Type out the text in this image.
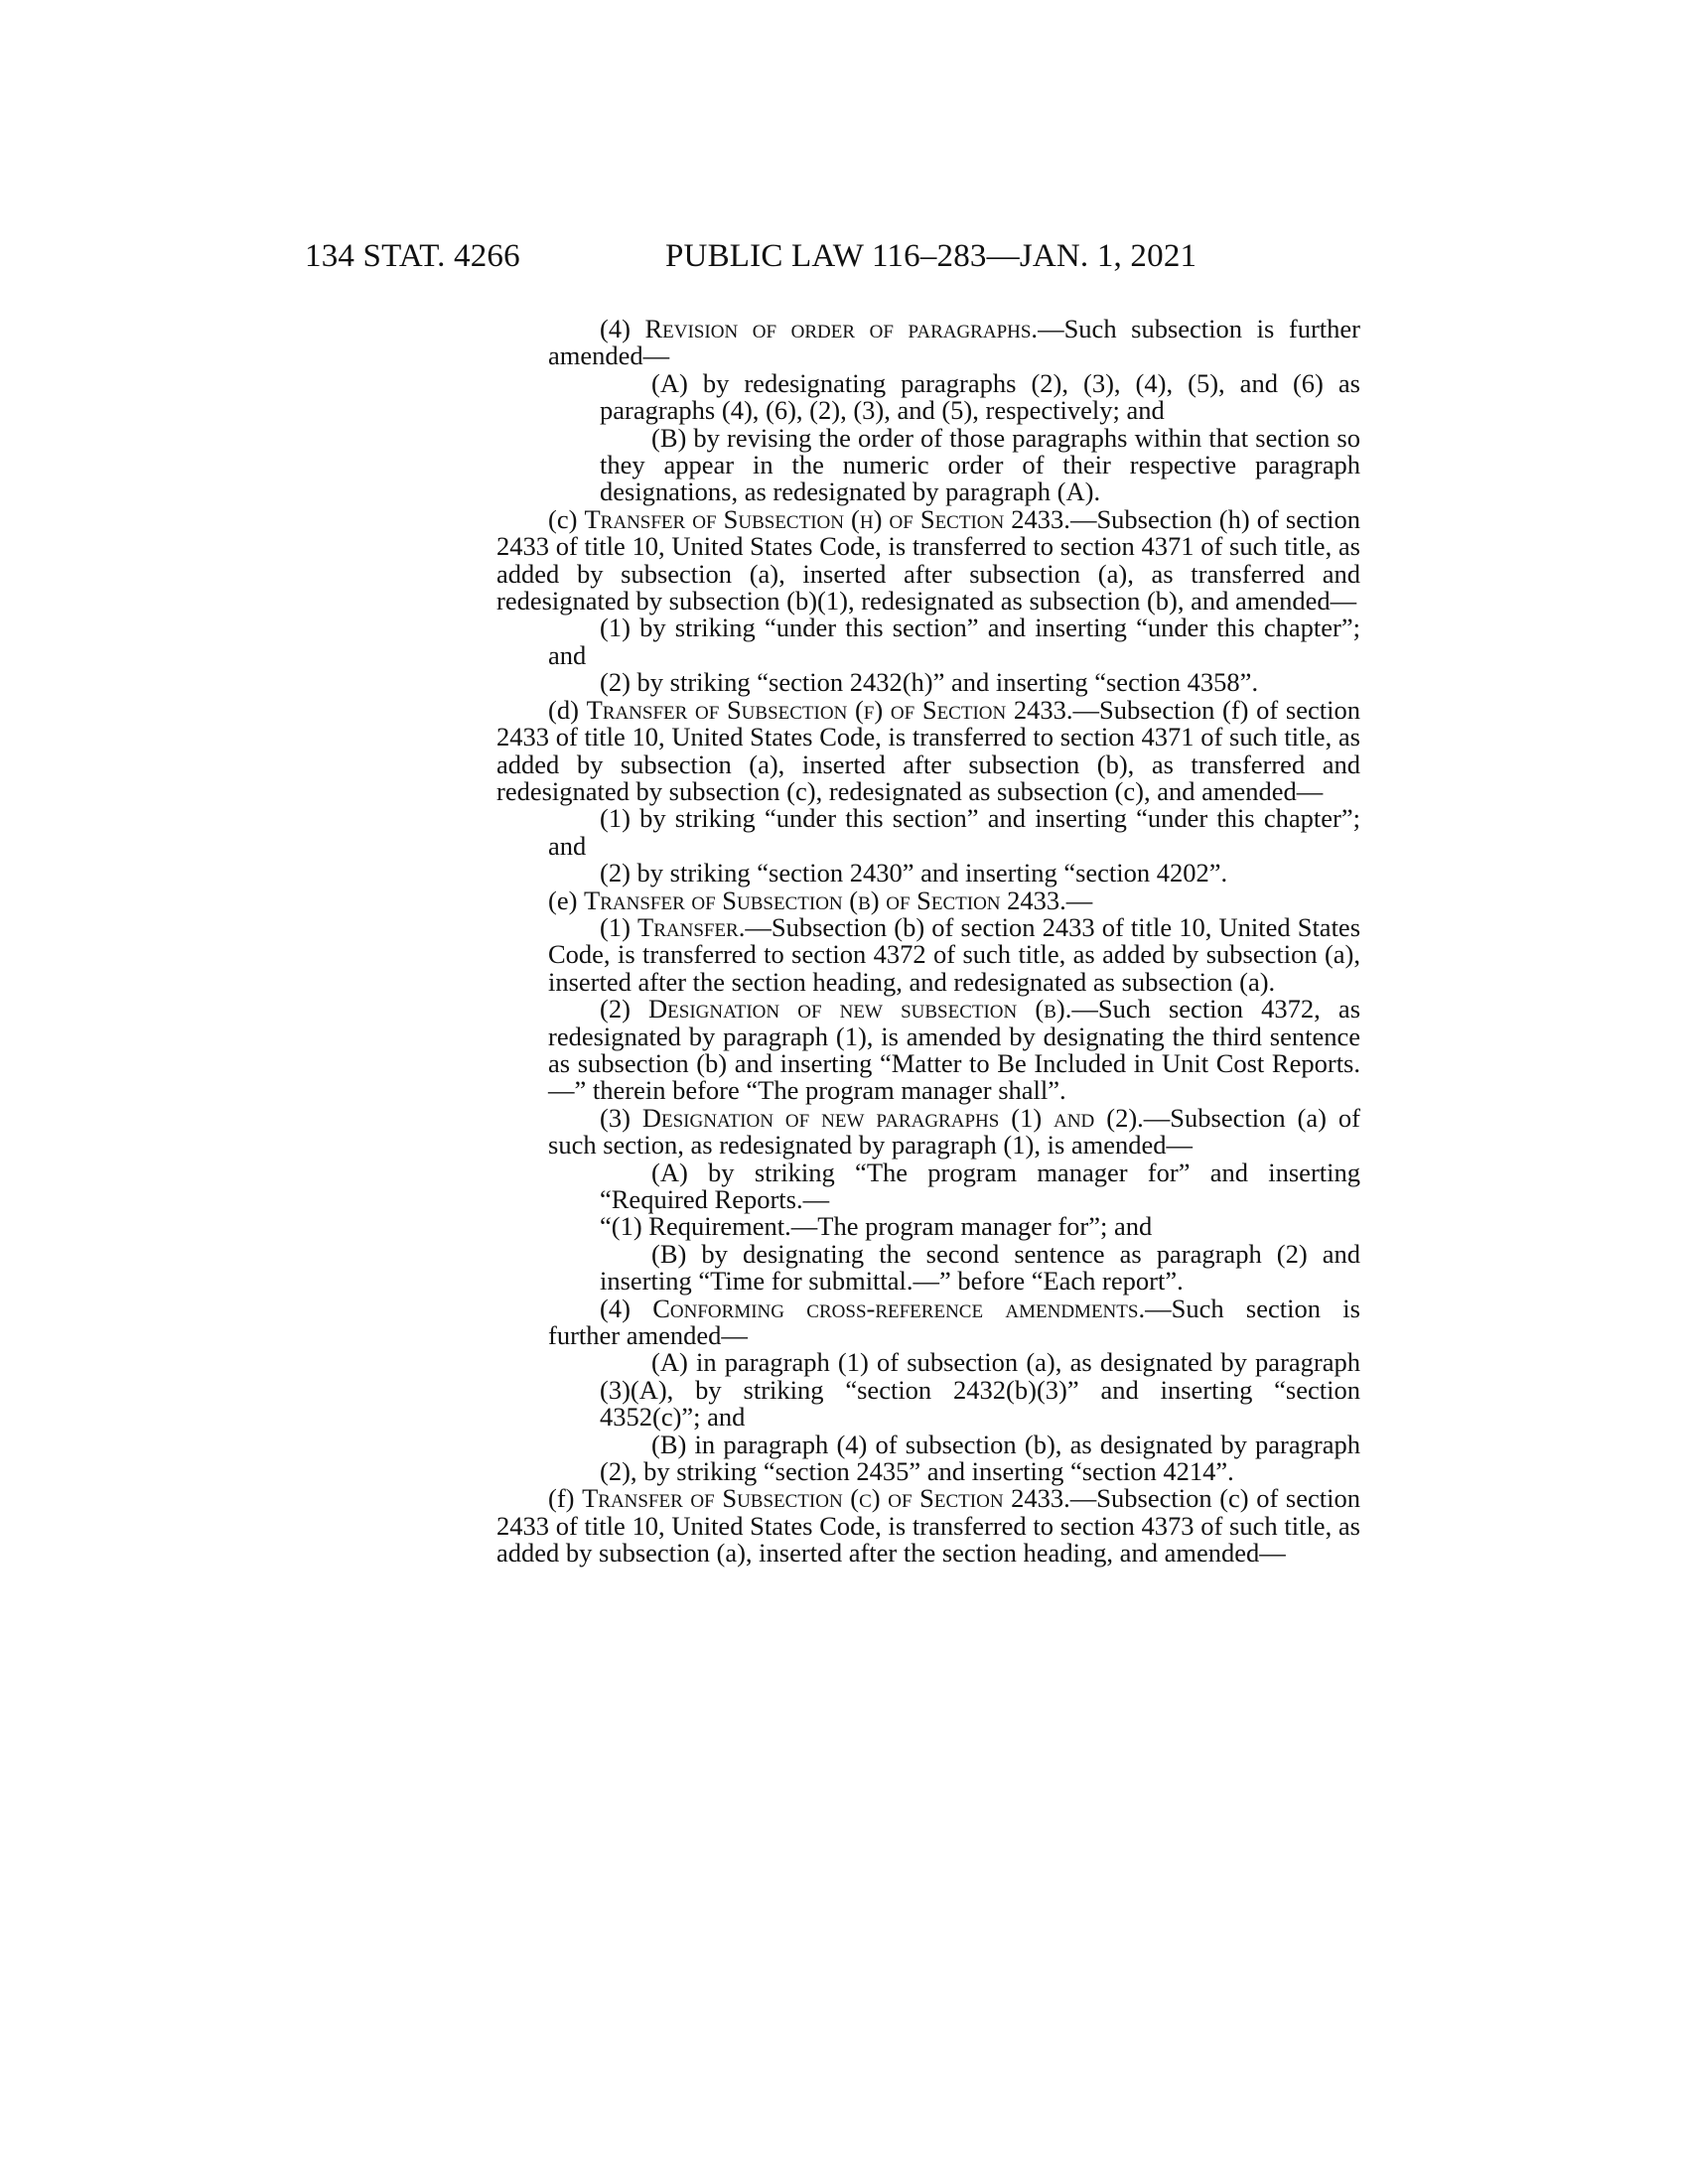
134 STAT. 4266	PUBLIC LAW 116–283—JAN. 1, 2021

(4) Revision of order of paragraphs.—Such subsection is further amended—

(A) by redesignating paragraphs (2), (3), (4), (5), and (6) as paragraphs (4), (6), (2), (3), and (5), respectively; and

(B) by revising the order of those paragraphs within that section so they appear in the numeric order of their respective paragraph designations, as redesignated by paragraph (A).

(c) Transfer of Subsection (h) of Section 2433.—Subsection (h) of section 2433 of title 10, United States Code, is transferred to section 4371 of such title, as added by subsection (a), inserted after subsection (a), as transferred and redesignated by subsection (b)(1), redesignated as subsection (b), and amended—

(1) by striking “under this section” and inserting “under this chapter”; and

(2) by striking “section 2432(h)” and inserting “section 4358”.

(d) Transfer of Subsection (f) of Section 2433.—Subsection (f) of section 2433 of title 10, United States Code, is transferred to section 4371 of such title, as added by subsection (a), inserted after subsection (b), as transferred and redesignated by subsection (c), redesignated as subsection (c), and amended—

(1) by striking “under this section” and inserting “under this chapter”; and

(2) by striking “section 2430” and inserting “section 4202”.

(e) Transfer of Subsection (b) of Section 2433.—

(1) Transfer.—Subsection (b) of section 2433 of title 10, United States Code, is transferred to section 4372 of such title, as added by subsection (a), inserted after the section heading, and redesignated as subsection (a).

(2) Designation of new subsection (b).—Such section 4372, as redesignated by paragraph (1), is amended by designating the third sentence as subsection (b) and inserting “Matter to Be Included in Unit Cost Reports.—” therein before “The program manager shall”.

(3) Designation of new paragraphs (1) and (2).—Subsection (a) of such section, as redesignated by paragraph (1), is amended—

(A) by striking “The program manager for” and inserting “Required Reports.—

“(1) Requirement.—The program manager for”; and

(B) by designating the second sentence as paragraph (2) and inserting “Time for submittal.—” before “Each report”.

(4) Conforming cross-reference amendments.—Such section is further amended—

(A) in paragraph (1) of subsection (a), as designated by paragraph (3)(A), by striking “section 2432(b)(3)” and inserting “section 4352(c)”; and

(B) in paragraph (4) of subsection (b), as designated by paragraph (2), by striking “section 2435” and inserting “section 4214”.

(f) Transfer of Subsection (c) of Section 2433.—Subsection (c) of section 2433 of title 10, United States Code, is transferred to section 4373 of such title, as added by subsection (a), inserted after the section heading, and amended—
